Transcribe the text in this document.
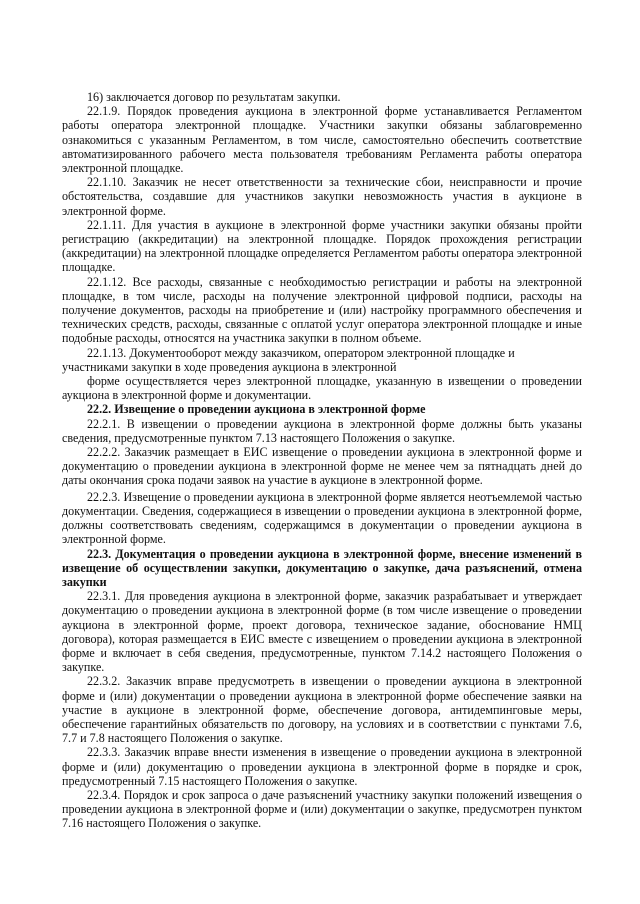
16) заключается договор по результатам закупки.

22.1.9. Порядок проведения аукциона в электронной форме устанавливается Регламентом работы оператора электронной площадке. Участники закупки обязаны заблаговременно ознакомиться с указанным Регламентом, в том числе, самостоятельно обеспечить соответствие автоматизированного рабочего места пользователя требованиям Регламента работы оператора электронной площадке.

22.1.10. Заказчик не несет ответственности за технические сбои, неисправности и прочие обстоятельства, создавшие для участников закупки невозможность участия в аукционе в электронной форме.

22.1.11. Для участия в аукционе в электронной форме участники закупки обязаны пройти регистрацию (аккредитации) на электронной площадке. Порядок прохождения регистрации (аккредитации) на электронной площадке определяется Регламентом работы оператора электронной площадке.

22.1.12. Все расходы, связанные с необходимостью регистрации и работы на электронной площадке, в том числе, расходы на получение электронной цифровой подписи, расходы на получение документов, расходы на приобретение и (или) настройку программного обеспечения и технических средств, расходы, связанные с оплатой услуг оператора электронной площадке и иные подобные расходы, относятся на участника закупки в полном объеме.

22.1.13. Документооборот между заказчиком, оператором электронной площадке и участниками закупки в ходе проведения аукциона в электронной

форме осуществляется через электронной площадке, указанную в извещении о проведении аукциона в электронной форме и документации.

22.2. Извещение о проведении аукциона в электронной форме

22.2.1. В извещении о проведении аукциона в электронной форме должны быть указаны сведения, предусмотренные пунктом 7.13 настоящего Положения о закупке.

22.2.2. Заказчик размещает в ЕИС извещение о проведении аукциона в электронной форме и документацию о проведении аукциона в электронной форме не менее чем за пятнадцать дней до даты окончания срока подачи заявок на участие в аукционе в электронной форме.

22.2.3. Извещение о проведении аукциона в электронной форме является неотъемлемой частью документации. Сведения, содержащиеся в извещении о проведении аукциона в электронной форме, должны соответствовать сведениям, содержащимся в документации о проведении аукциона в электронной форме.

22.3. Документация о проведении аукциона в электронной форме, внесение изменений в извещение об осуществлении закупки, документацию о закупке, дача разъяснений, отмена закупки

22.3.1. Для проведения аукциона в электронной форме, заказчик разрабатывает и утверждает документацию о проведении аукциона в электронной форме (в том числе извещение о проведении аукциона в электронной форме, проект договора, техническое задание, обоснование НМЦ договора), которая размещается в ЕИС вместе с извещением о проведении аукциона в электронной форме и включает в себя сведения, предусмотренные, пунктом 7.14.2 настоящего Положения о закупке.

22.3.2. Заказчик вправе предусмотреть в извещении о проведении аукциона в электронной форме и (или) документации о проведении аукциона в электронной форме обеспечение заявки на участие в аукционе в электронной форме, обеспечение договора, антидемпинговые меры, обеспечение гарантийных обязательств по договору, на условиях и в соответствии с пунктами 7.6, 7.7 и 7.8 настоящего Положения о закупке.

22.3.3. Заказчик вправе внести изменения в извещение о проведении аукциона в электронной форме и (или) документацию о проведении аукциона в электронной форме в порядке и срок, предусмотренный 7.15 настоящего Положения о закупке.

22.3.4. Порядок и срок запроса о даче разъяснений участнику закупки положений извещения о проведении аукциона в электронной форме и (или) документации о закупке, предусмотрен пунктом 7.16 настоящего Положения о закупке.
